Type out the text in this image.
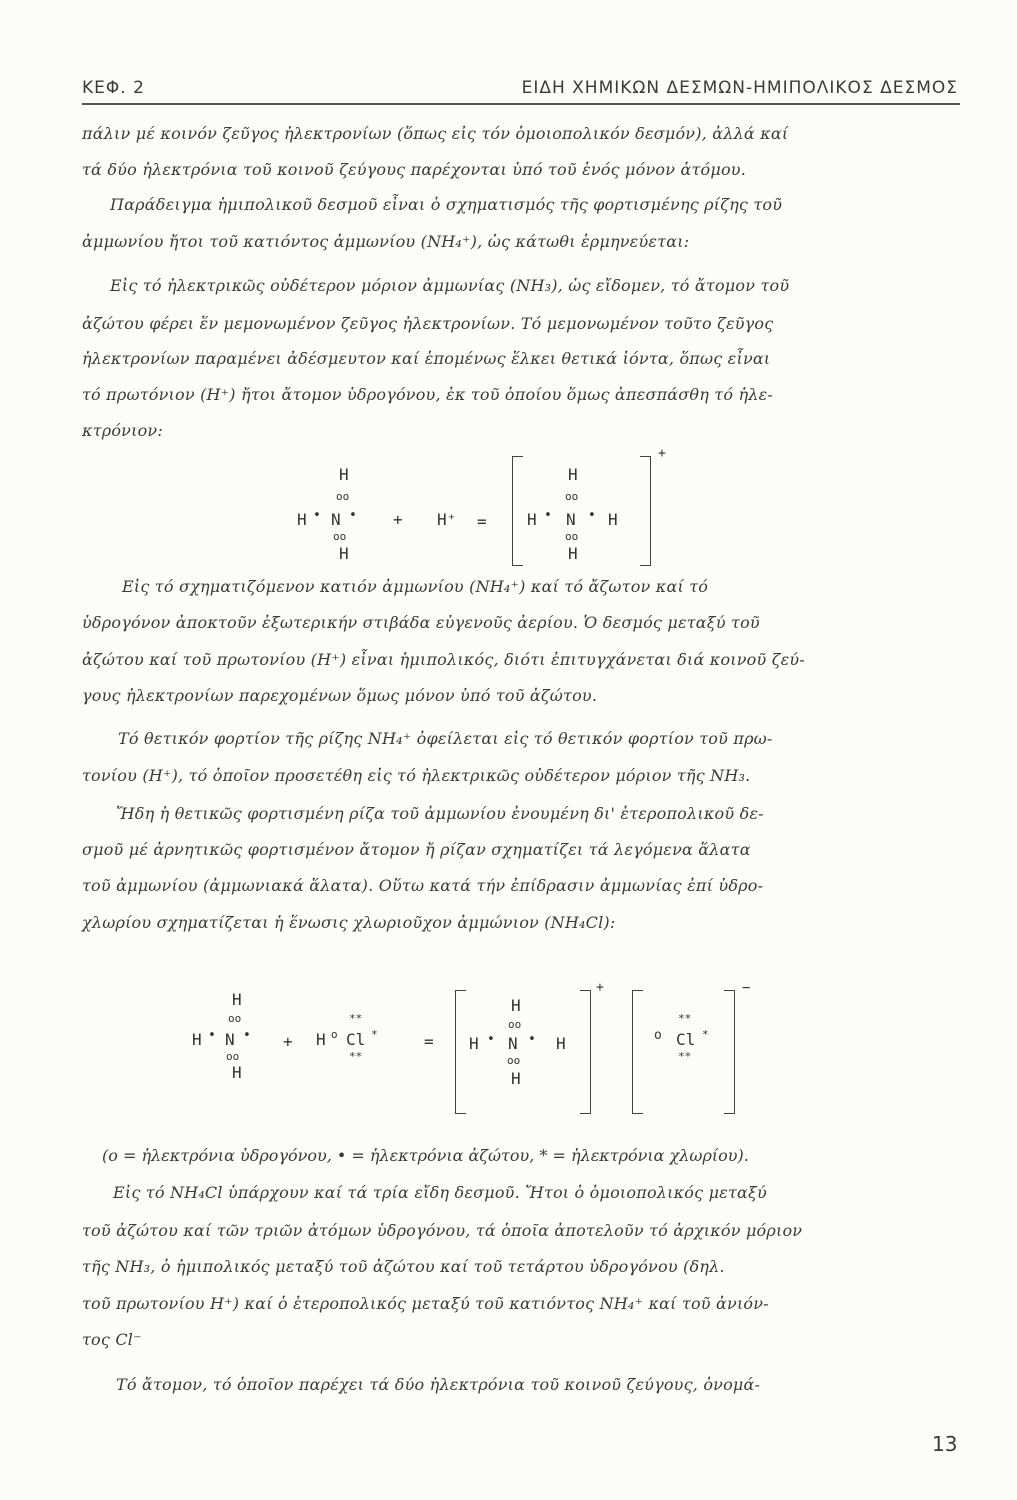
ΚΕΦ. 2	ΕΙΔΗ ΧΗΜΙΚΩΝ ΔΕΣΜΩΝ-ΗΜΙΠΟΛΙΚΟΣ ΔΕΣΜΟΣ
πάλιν μέ κοινόν ζεῦγος ἠλεκτρονίων (ὅπως εἰς τόν ὁμοιοπολικόν δεσμόν), ἀλλά καί
τά δύο ἠλεκτρόνια τοῦ κοινοῦ ζεύγους παρέχονται ὑπό τοῦ ἑνός μόνον ἀτόμου.
Παράδειγμα ἡμιπολικοῦ δεσμοῦ εἶναι ὁ σχηματισμός τῆς φορτισμένης ρίζης τοῦ
ἀμμωνίου ἤτοι τοῦ κατιόντος ἀμμωνίου (NH₄⁺), ὡς κάτωθι ἑρμηνεύεται:
Εἰς τό ἠλεκτρικῶς οὐδέτερον μόριον ἀμμωνίας (NH₃), ὡς εἴδομεν, τό ἄτομον τοῦ
ἀζώτου φέρει ἕν μεμονωμένον ζεῦγος ἠλεκτρονίων. Τό μεμονωμένον τοῦτο ζεῦγος
ἠλεκτρονίων παραμένει ἀδέσμευτον καί ἑπομένως ἕλκει θετικά ἰόντα, ὅπως εἶναι
τό πρωτόνιον (H⁺) ἤτοι ἄτομον ὑδρογόνου, ἐκ τοῦ ὁποίου ὅμως ἀπεσπάσθη τό ἠλε-
κτρόνιον:
H
oo
H • N •
oo
H
+ H⁺ =
H
oo
H • N • H
oo
H
+
Εἰς τό σχηματιζόμενον κατιόν ἀμμωνίου (NH₄⁺) καί τό ἄζωτον καί τό
ὑδρογόνον ἀποκτοῦν ἐξωτερικήν στιβάδα εὐγενοῦς ἀερίου. Ὁ δεσμός μεταξύ τοῦ
ἀζώτου καί τοῦ πρωτονίου (H⁺) εἶναι ἡμιπολικός, διότι ἐπιτυγχάνεται διά κοινοῦ ζεύ-
γους ἠλεκτρονίων παρεχομένων ὅμως μόνον ὑπό τοῦ ἀζώτου.
Τό θετικόν φορτίον τῆς ρίζης NH₄⁺ ὀφείλεται εἰς τό θετικόν φορτίον τοῦ πρω-
τονίου (H⁺), τό ὁποῖον προσετέθη εἰς τό ἠλεκτρικῶς οὐδέτερον μόριον τῆς NH₃.
Ἤδη ἡ θετικῶς φορτισμένη ρίζα τοῦ ἀμμωνίου ἐνουμένη δι' ἑτεροπολικοῦ δε-
σμοῦ μέ ἀρνητικῶς φορτισμένον ἄτομον ἤ ρίζαν σχηματίζει τά λεγόμενα ἅλατα
τοῦ ἀμμωνίου (ἀμμωνιακά ἅλατα). Οὕτω κατά τήν ἐπίδρασιν ἀμμωνίας ἐπί ὑδρο-
χλωρίου σχηματίζεται ἡ ἕνωσις χλωριοῦχον ἀμμώνιον (NH₄Cl):
H
oo
H • N •
oo
H
+ H o
**
Cl *
**
=
H
oo
H • N • H
oo
H
+
**
o Cl *
**
−
(o = ἠλεκτρόνια ὑδρογόνου, • = ἠλεκτρόνια ἀζώτου, * = ἠλεκτρόνια χλωρίου).
Εἰς τό NH₄Cl ὑπάρχουν καί τά τρία εἴδη δεσμοῦ. Ἤτοι ὁ ὁμοιοπολικός μεταξύ
τοῦ ἀζώτου καί τῶν τριῶν ἀτόμων ὑδρογόνου, τά ὁποῖα ἀποτελοῦν τό ἀρχικόν μόριον
τῆς NH₃, ὁ ἡμιπολικός μεταξύ τοῦ ἀζώτου καί τοῦ τετάρτου ὑδρογόνου (δηλ.
τοῦ πρωτονίου H⁺) καί ὁ ἑτεροπολικός μεταξύ τοῦ κατιόντος NH₄⁺ καί τοῦ ἀνιόν-
τος Cl⁻
Τό ἄτομον, τό ὁποῖον παρέχει τά δύο ἠλεκτρόνια τοῦ κοινοῦ ζεύγους, ὀνομά-
13
